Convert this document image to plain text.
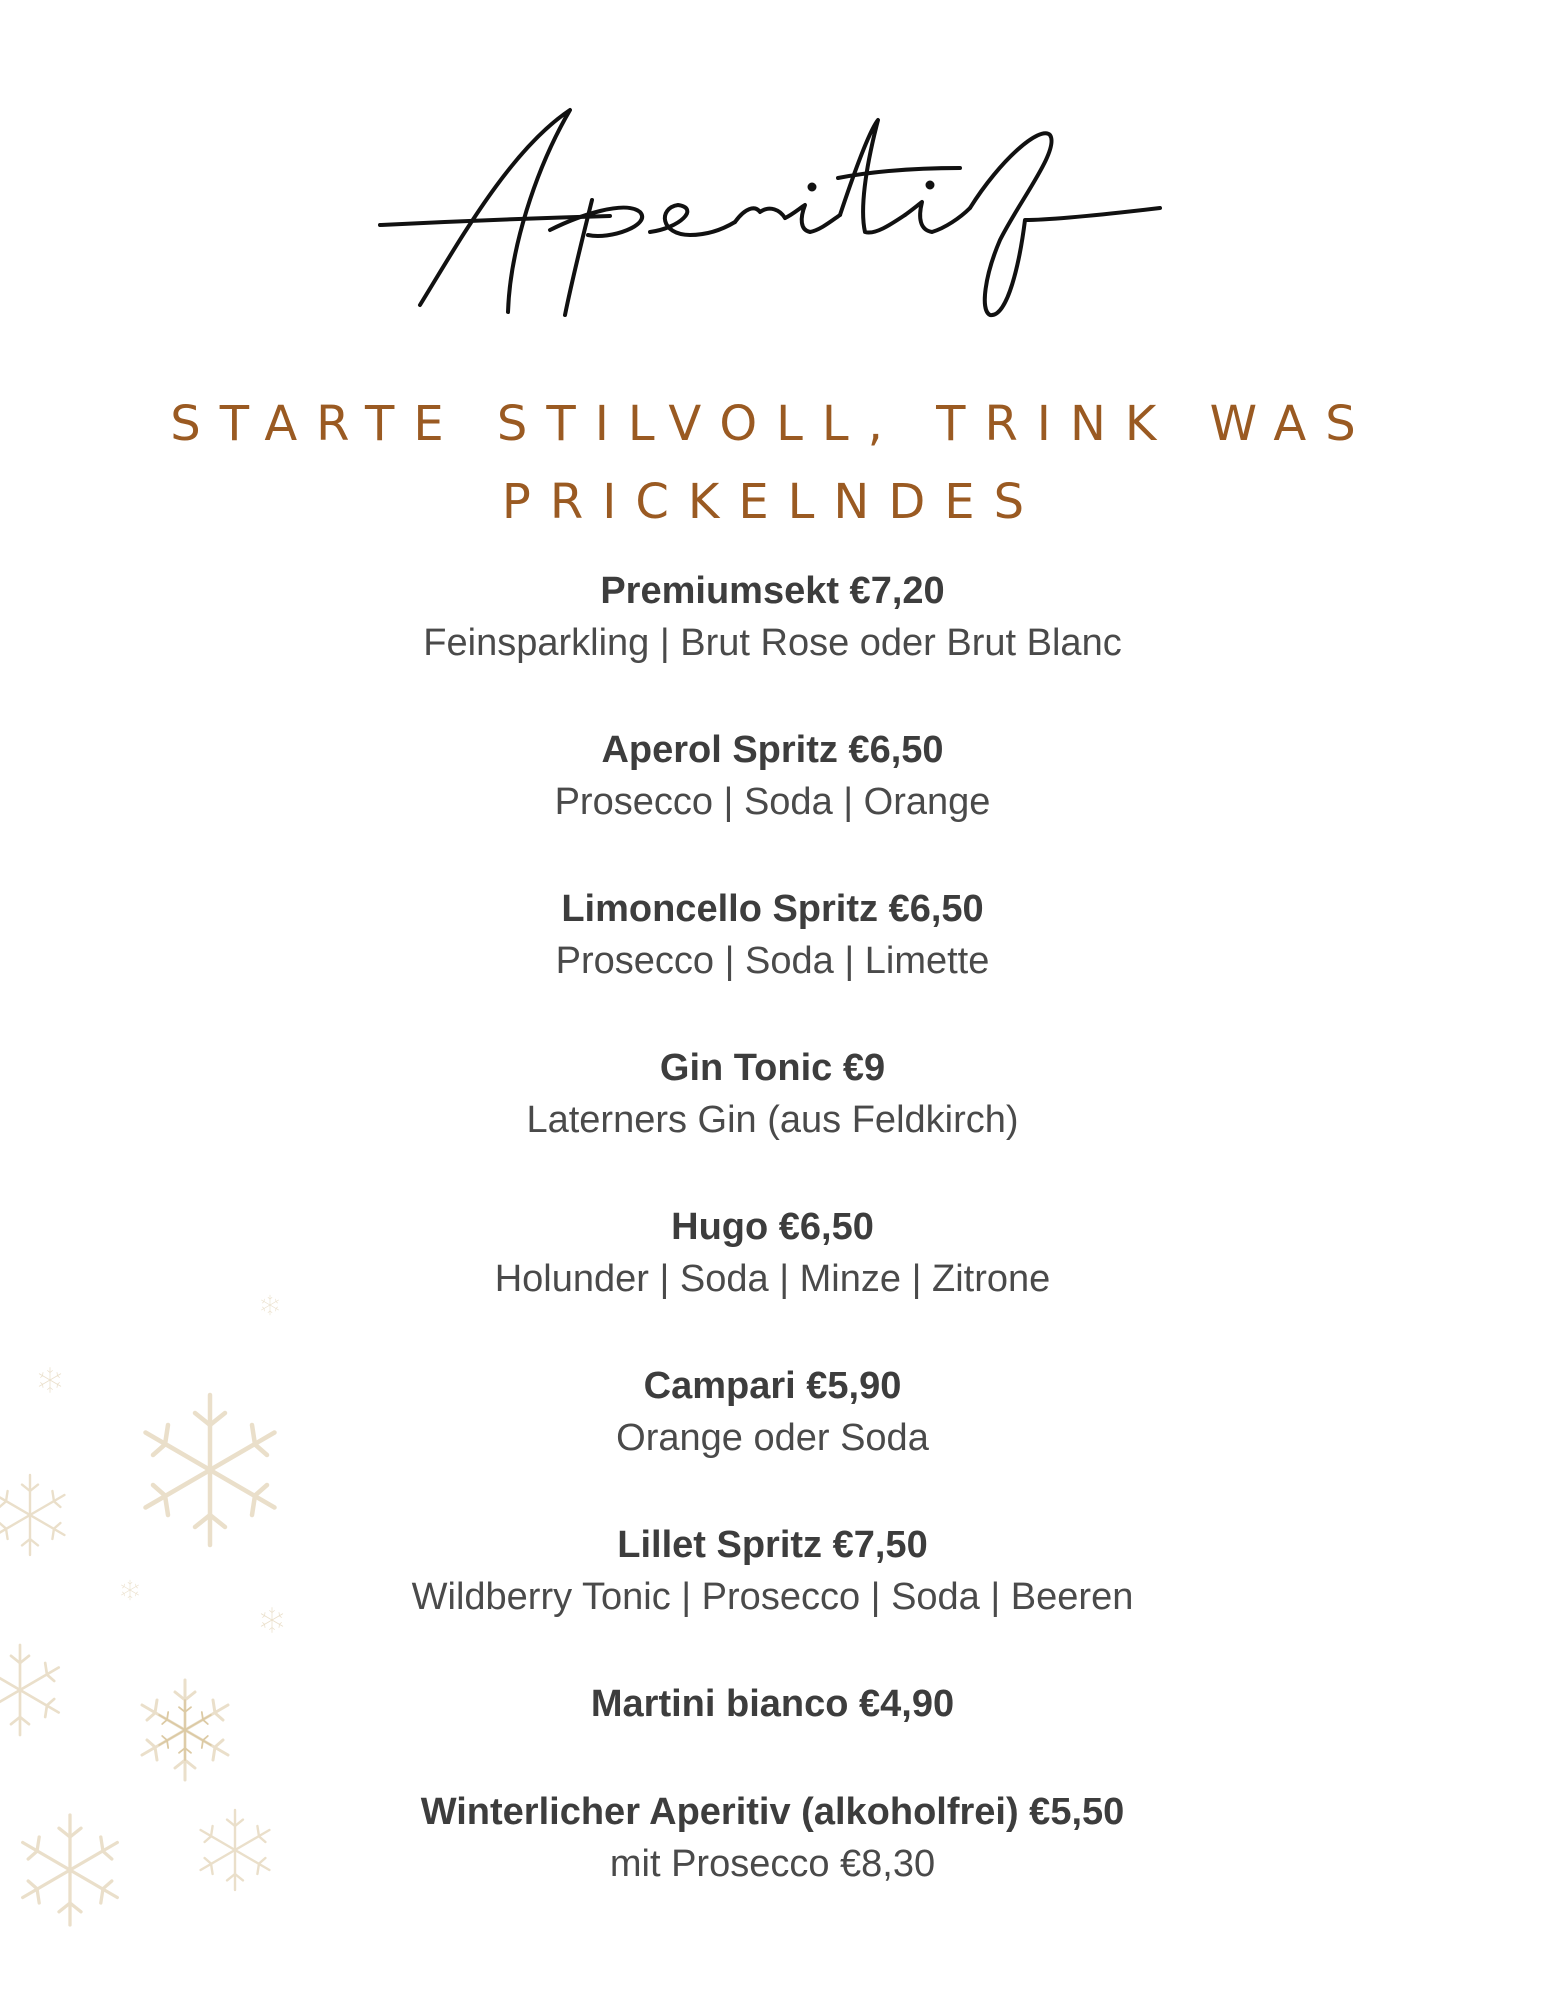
STARTE STILVOLL, TRINK WAS
PRICKELNDES
Premiumsekt €7,20
Feinsparkling | Brut Rose oder Brut Blanc
Aperol Spritz €6,50
Prosecco | Soda | Orange
Limoncello Spritz €6,50
Prosecco | Soda | Limette
Gin Tonic €9
Laterners Gin (aus Feldkirch)
Hugo €6,50
Holunder | Soda | Minze | Zitrone
Campari €5,90
Orange oder Soda
Lillet Spritz €7,50
Wildberry Tonic | Prosecco | Soda | Beeren
Martini bianco €4,90
Winterlicher Aperitiv (alkoholfrei) €5,50
mit Prosecco €8,30
